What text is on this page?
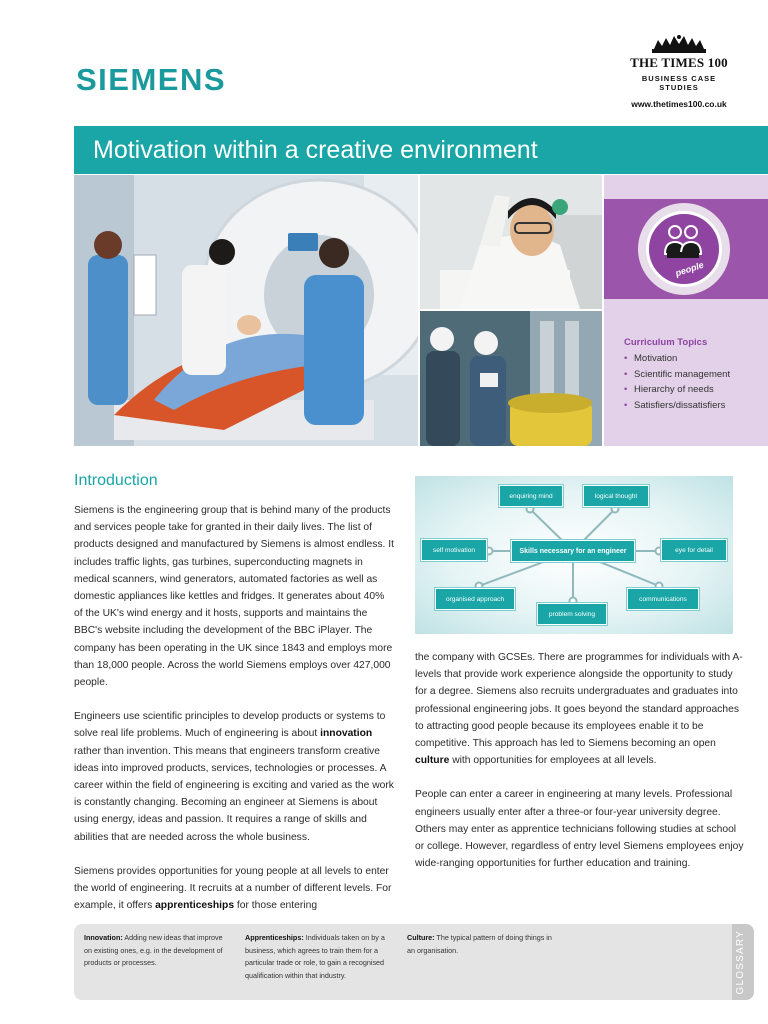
SIEMENS	THE TIMES 100
BUSINESS CASE STUDIES
www.thetimes100.co.uk
Motivation within a creative environment
people
Curriculum Topics
• Motivation
• Scientific management
• Hierarchy of needs
• Satisfiers/dissatisfiers
Introduction

Siemens is the engineering group that is behind many of the products and services people take for granted in their daily lives. The list of products designed and manufactured by Siemens is almost endless. It includes traffic lights, gas turbines, superconducting magnets in medical scanners, wind generators, automated factories as well as domestic appliances like kettles and fridges. It generates about 40% of the UK's wind energy and it hosts, supports and maintains the BBC's website including the development of the BBC iPlayer. The company has been operating in the UK since 1843 and employs more than 18,000 people. Across the world Siemens employs over 427,000 people.

Engineers use scientific principles to develop products or systems to solve real life problems. Much of engineering is about innovation rather than invention. This means that engineers transform creative ideas into improved products, services, technologies or processes. A career within the field of engineering is exciting and varied as the work is constantly changing. Becoming an engineer at Siemens is about using energy, ideas and passion. It requires a range of skills and abilities that are needed across the whole business.

Siemens provides opportunities for young people at all levels to enter the world of engineering. It recruits at a number of different levels. For example, it offers apprenticeships for those entering

Skills necessary for an engineer
enquiring mind	logical thought
self motivation	eye for detail
organised approach
problem solving
communications

the company with GCSEs. There are programmes for individuals with A-levels that provide work experience alongside the opportunity to study for a degree. Siemens also recruits undergraduates and graduates into professional engineering jobs. It goes beyond the standard approaches to attracting good people because its employees enable it to be competitive. This approach has led to Siemens becoming an open culture with opportunities for employees at all levels.

People can enter a career in engineering at many levels. Professional engineers usually enter after a three-or four-year university degree. Others may enter as apprentice technicians following studies at school or college. However, regardless of entry level Siemens employees enjoy wide-ranging opportunities for further education and training.

Innovation: Adding new ideas that improve on existing ones, e.g. in the development of products or processes.
Apprenticeships: Individuals taken on by a business, which agrees to train them for a particular trade or role, to gain a recognised qualification within that industry.
Culture: The typical pattern of doing things in an organisation.	GLOSSARY
